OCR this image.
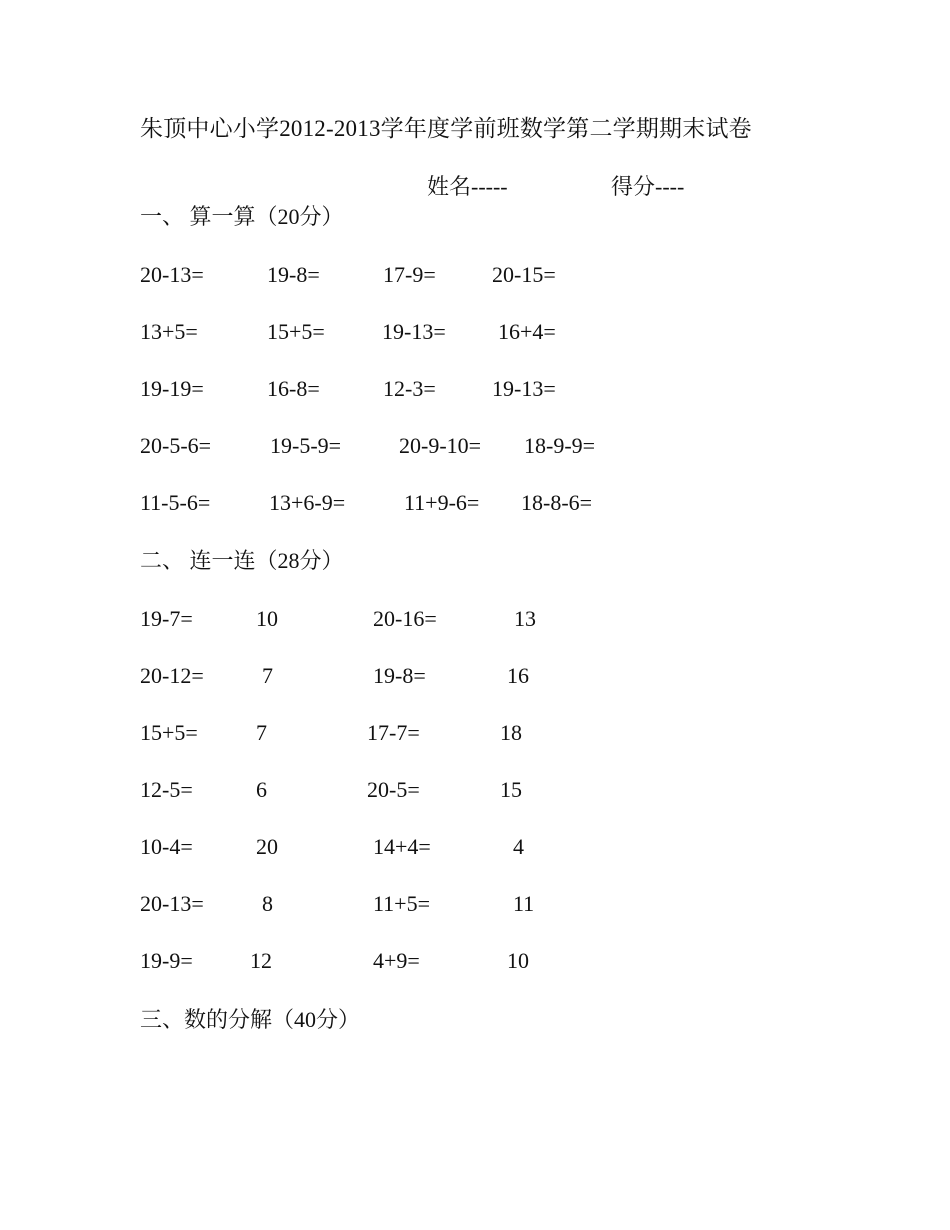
朱顶中心小学2012-2013学年度学前班数学第二学期期末试卷
姓名-----	得分----
一、 算一算（20分）
20-13=	19-8=	17-9=	20-15=
13+5=	15+5=	19-13= 16+4=
19-19=	16-8=	12-3=	19-13=
20-5-6=	19-5-9=	20-9-10= 18-9-9=
11-5-6=	13+6-9=	11+9-6= 18-8-6=
二、 连一连（28分）
19-7=	10	20-16=	13
20-12=	7	19-8=	16
15+5=	7	17-7=	18
12-5=	6	20-5=	15
10-4=	20	14+4=	4
20-13=	8	11+5=	11
19-9=	12	4+9=	10
三、数的分解（40分）
